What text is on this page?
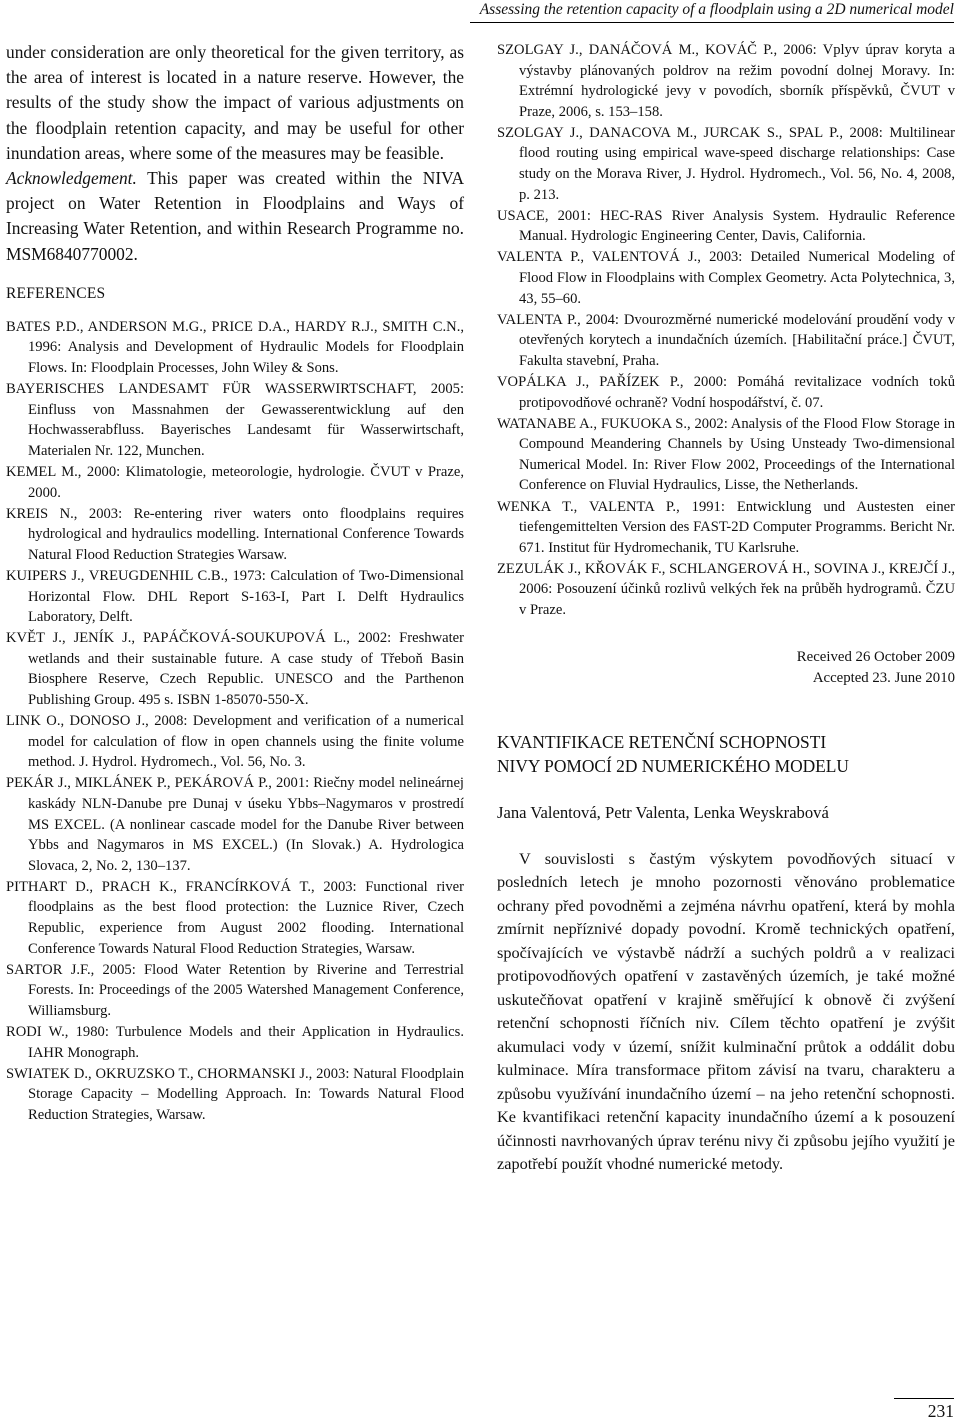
Assessing the retention capacity of a floodplain using a 2D numerical model

under consideration are only theoretical for the given territory, as the area of interest is located in a nature reserve. However, the results of the study show the impact of various adjustments on the floodplain retention capacity, and may be useful for other inundation areas, where some of the measures may be feasible.

Acknowledgement. This paper was created within the NIVA project on Water Retention in Floodplains and Ways of Increasing Water Retention, and within Research Programme no. MSM6840770002.

REFERENCES

BATES P.D., ANDERSON M.G., PRICE D.A., HARDY R.J., SMITH C.N., 1996: Analysis and Development of Hydraulic Models for Floodplain Flows. In: Floodplain Processes, John Wiley & Sons.

BAYERISCHES LANDESAMT FÜR WASSERWIRTSCHAFT, 2005: Einfluss von Massnahmen der Gewasserentwicklung auf den Hochwasserabfluss. Bayerisches Landesamt für Wasserwirtschaft, Materialen Nr. 122, Munchen.

KEMEL M., 2000: Klimatologie, meteorologie, hydrologie. ČVUT v Praze, 2000.

KREIS N., 2003: Re-entering river waters onto floodplains requires hydrological and hydraulics modelling. International Conference Towards Natural Flood Reduction Strategies Warsaw.

KUIPERS J., VREUGDENHIL C.B., 1973: Calculation of Two-Dimensional Horizontal Flow. DHL Report S-163-I, Part I. Delft Hydraulics Laboratory, Delft.

KVĚT J., JENÍK J., PAPÁČKOVÁ-SOUKUPOVÁ L., 2002: Freshwater wetlands and their sustainable future. A case study of Třeboň Basin Biosphere Reserve, Czech Republic. UNESCO and the Parthenon Publishing Group. 495 s. ISBN 1-85070-550-X.

LINK O., DONOSO J., 2008: Development and verification of a numerical model for calculation of flow in open channels using the finite volume method. J. Hydrol. Hydromech., Vol. 56, No. 3.

PEKÁR J., MIKLÁNEK P., PEKÁROVÁ P., 2001: Riečny model nelineárnej kaskády NLN-Danube pre Dunaj v úseku Ybbs–Nagymaros v prostredí MS EXCEL. (A nonlinear cascade model for the Danube River between Ybbs and Nagymaros in MS EXCEL.) (In Slovak.) A. Hydrologica Slovaca, 2, No. 2, 130–137.

PITHART D., PRACH K., FRANCÍRKOVÁ T., 2003: Functional river floodplains as the best flood protection: the Luznice River, Czech Republic, experience from August 2002 flooding. International Conference Towards Natural Flood Reduction Strategies, Warsaw.

SARTOR J.F., 2005: Flood Water Retention by Riverine and Terrestrial Forests. In: Proceedings of the 2005 Watershed Management Conference, Williamsburg.

RODI W., 1980: Turbulence Models and their Application in Hydraulics. IAHR Monograph.

SWIATEK D., OKRUZSKO T., CHORMANSKI J., 2003: Natural Floodplain Storage Capacity – Modelling Approach. In: Towards Natural Flood Reduction Strategies, Warsaw.

SZOLGAY J., DANÁČOVÁ M., KOVÁČ P., 2006: Vplyv úprav koryta a výstavby plánovaných poldrov na režim povodní dolnej Moravy. In: Extrémní hydrologické jevy v povodích, sborník příspěvků, ČVUT v Praze, 2006, s. 153–158.

SZOLGAY J., DANACOVA M., JURCAK S., SPAL P., 2008: Multilinear flood routing using empirical wave-speed discharge relationships: Case study on the Morava River, J. Hydrol. Hydromech., Vol. 56, No. 4, 2008, p. 213.

USACE, 2001: HEC-RAS River Analysis System. Hydraulic Reference Manual. Hydrologic Engineering Center, Davis, California.

VALENTA P., VALENTOVÁ J., 2003: Detailed Numerical Modeling of Flood Flow in Floodplains with Complex Geometry. Acta Polytechnica, 3, 43, 55–60.

VALENTA P., 2004: Dvourozměrné numerické modelování proudění vody v otevřených korytech a inundačních územích. [Habilitační práce.] ČVUT, Fakulta stavební, Praha.

VOPÁLKA J., PAŘÍZEK P., 2000: Pomáhá revitalizace vodních toků protipovodňové ochraně? Vodní hospodářství, č. 07.

WATANABE A., FUKUOKA S., 2002: Analysis of the Flood Flow Storage in Compound Meandering Channels by Using Unsteady Two-dimensional Numerical Model. In: River Flow 2002, Proceedings of the International Conference on Fluvial Hydraulics, Lisse, the Netherlands.

WENKA T., VALENTA P., 1991: Entwicklung und Austesten einer tiefengemittelten Version des FAST-2D Computer Programms. Bericht Nr. 671. Institut für Hydromechanik, TU Karlsruhe.

ZEZULÁK J., KŘOVÁK F., SCHLANGEROVÁ H., SOVINA J., KREJČÍ J., 2006: Posouzení účinků rozlivů velkých řek na průběh hydrogramů. ČZU v Praze.

Received 26 October 2009
Accepted 23. June 2010
KVANTIFIKACE RETENČNÍ SCHOPNOSTI
NIVY POMOCÍ 2D NUMERICKÉHO MODELU
Jana Valentová, Petr Valenta, Lenka Weyskrabová

V souvislosti s častým výskytem povodňových situací v posledních letech je mnoho pozornosti věnováno problematice ochrany před povodněmi a zejména návrhu opatření, která by mohla zmírnit nepříznivé dopady povodní. Kromě technických opatření, spočívajících ve výstavbě nádrží a suchých poldrů a v realizaci protipovodňových opatření v zastavěných územích, je také možné uskutečňovat opatření v krajině směřující k obnově či zvýšení retenční schopnosti říčních niv. Cílem těchto opatření je zvýšit akumulaci vody v území, snížit kulminační průtok a oddálit dobu kulminace. Míra transformace přitom závisí na tvaru, charakteru a způsobu využívání inundačního území – na jeho retenční schopnosti. Ke kvantifikaci retenční kapacity inundačního území a k posouzení účinnosti navrhovaných úprav terénu nivy či způsobu jejího využití je zapotřebí použít vhodné numerické metody.

231
